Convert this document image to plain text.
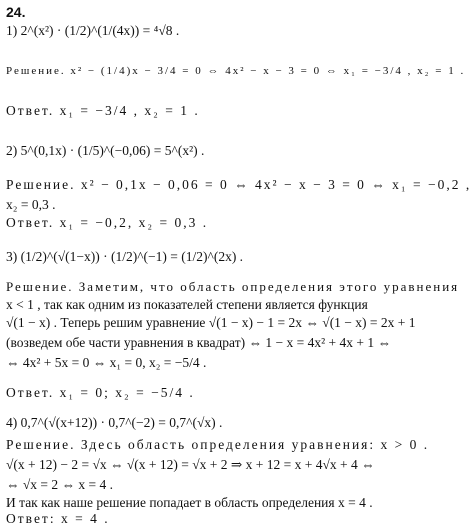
24.
1) 2^(x²) · (1/2)^(1/(4x)) = ⁴√8 .
Решение. x² − (1/4)x − 3/4 = 0 ⇔ 4x² − x − 3 = 0 ⇔ x₁ = −3/4 , x₂ = 1 .
Ответ. x₁ = −3/4 , x₂ = 1 .
2) 5^(0,1x) · (1/5)^(−0,06) = 5^(x²) .
Решение. x² − 0,1x − 0,06 = 0 ⇔ 4x² − x − 3 = 0 ⇔ x₁ = −0,2 ,
x₂ = 0,3 .
Ответ. x₁ = −0,2, x₂ = 0,3 .
3) (1/2)^(√(1−x)) · (1/2)^(−1) = (1/2)^(2x) .
Решение. Заметим, что область определения этого уравнения
x < 1 , так как одним из показателей степени является функция
√(1 − x) . Теперь решим уравнение √(1 − x) − 1 = 2x ⇔ √(1 − x) = 2x + 1
(возведем обе части уравнения в квадрат) ⇔ 1 − x = 4x² + 4x + 1 ⇔
⇔ 4x² + 5x = 0 ⇔ x₁ = 0, x₂ = −5/4 .
Ответ. x₁ = 0; x₂ = −5/4 .
4) 0,7^(√(x+12)) · 0,7^(−2) = 0,7^(√x) .
Решение. Здесь область определения уравнения: x > 0 .
√(x + 12) − 2 = √x ⇔ √(x + 12) = √x + 2 ⇒ x + 12 = x + 4√x + 4 ⇔
⇔ √x = 2 ⇔ x = 4 .
И так как наше решение попадает в область определения x = 4 .
Ответ: x = 4 .
